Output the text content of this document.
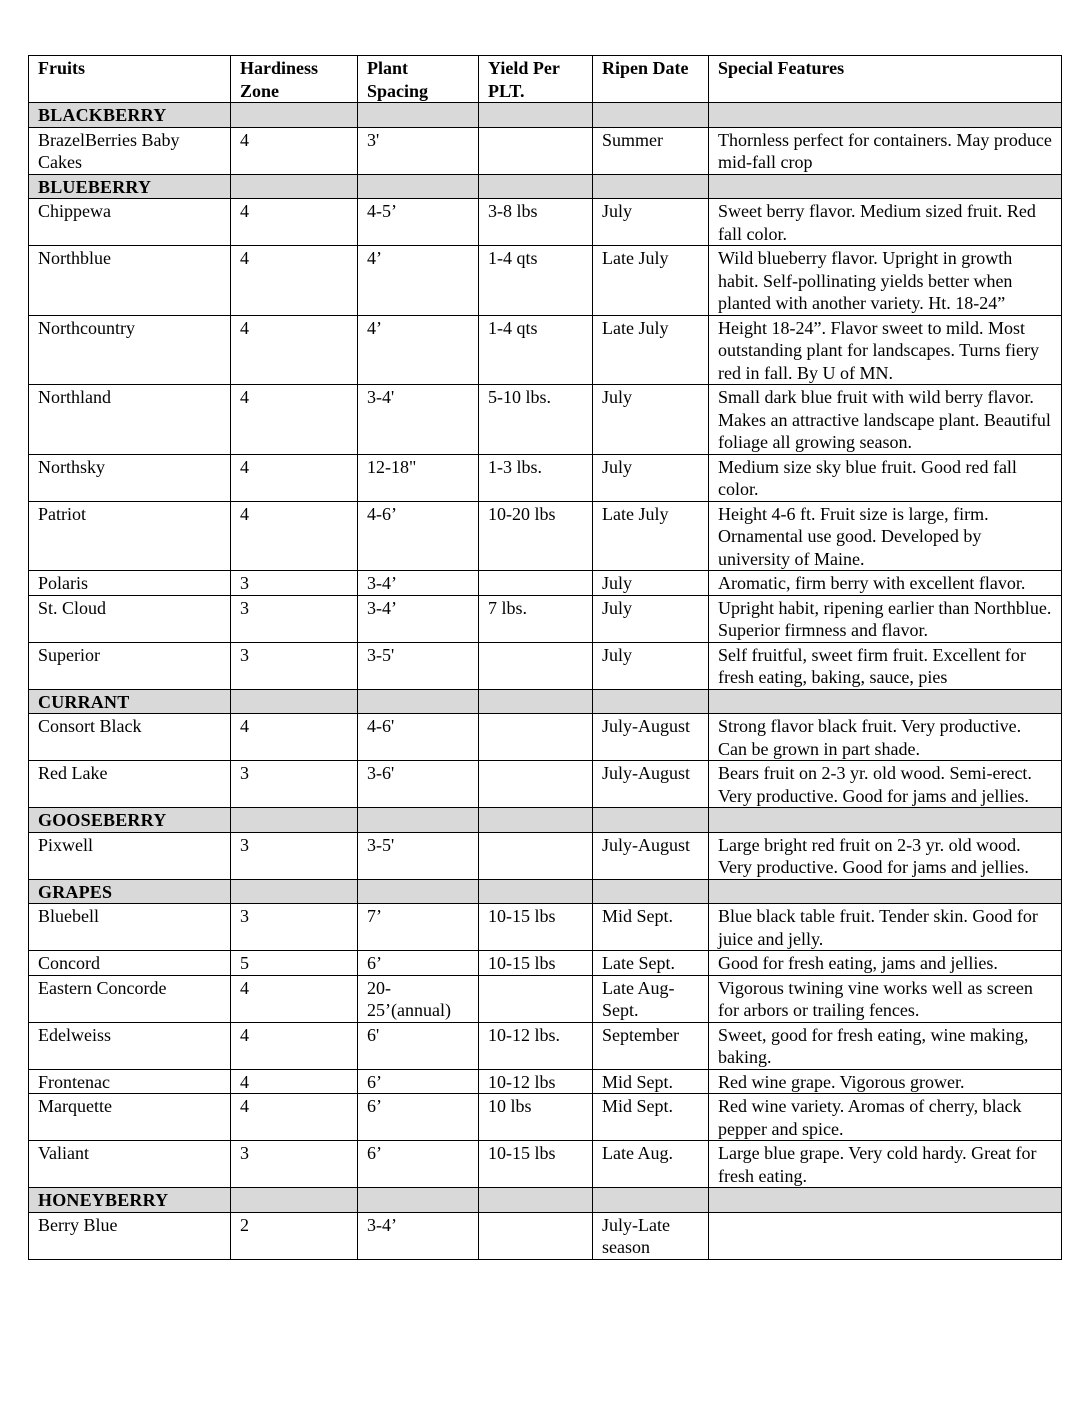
Fruits	Hardiness Zone	Plant Spacing	Yield Per PLT.	Ripen Date	Special Features
BLACKBERRY					
BrazelBerries Baby Cakes	4	3'		Summer	Thornless perfect for containers. May produce mid-fall crop
BLUEBERRY					
Chippewa	4	4-5’	3-8 lbs	July	Sweet berry flavor. Medium sized fruit. Red fall color.
Northblue	4	4’	1-4 qts	Late July	Wild blueberry flavor. Upright in growth habit. Self-pollinating yields better when planted with another variety. Ht. 18-24”
Northcountry	4	4’	1-4 qts	Late July	Height 18-24”. Flavor sweet to mild. Most outstanding plant for landscapes. Turns fiery red in fall. By U of MN.
Northland	4	3-4'	5-10 lbs.	July	Small dark blue fruit with wild berry flavor. Makes an attractive landscape plant. Beautiful foliage all growing season.
Northsky	4	12-18"	1-3 lbs.	July	Medium size sky blue fruit. Good red fall color.
Patriot	4	4-6’	10-20 lbs	Late July	Height 4-6 ft. Fruit size is large, firm. Ornamental use good. Developed by university of Maine.
Polaris	3	3-4’		July	Aromatic, firm berry with excellent flavor.
St. Cloud	3	3-4’	7 lbs.	July	Upright habit, ripening earlier than Northblue. Superior firmness and flavor.
Superior	3	3-5'		July	Self fruitful, sweet firm fruit. Excellent for fresh eating, baking, sauce, pies
CURRANT					
Consort Black	4	4-6'		July-August	Strong flavor black fruit. Very productive. Can be grown in part shade.
Red Lake	3	3-6'		July-August	Bears fruit on 2-3 yr. old wood. Semi-erect. Very productive. Good for jams and jellies.
GOOSEBERRY					
Pixwell	3	3-5'		July-August	Large bright red fruit on 2-3 yr. old wood. Very productive. Good for jams and jellies.
GRAPES					
Bluebell	3	7’	10-15 lbs	Mid Sept.	Blue black table fruit. Tender skin. Good for juice and jelly.
Concord	5	6’	10-15 lbs	Late Sept.	Good for fresh eating, jams and jellies.
Eastern Concorde	4	20-25’(annual)		Late Aug-Sept.	Vigorous twining vine works well as screen for arbors or trailing fences.
Edelweiss	4	6'	10-12 lbs.	September	Sweet, good for fresh eating, wine making, baking.
Frontenac	4	6’	10-12 lbs	Mid Sept.	Red wine grape. Vigorous grower.
Marquette	4	6’	10 lbs	Mid Sept.	Red wine variety. Aromas of cherry, black pepper and spice.
Valiant	3	6’	10-15 lbs	Late Aug.	Large blue grape. Very cold hardy. Great for fresh eating.
HONEYBERRY					
Berry Blue	2	3-4’		July-Late season	
